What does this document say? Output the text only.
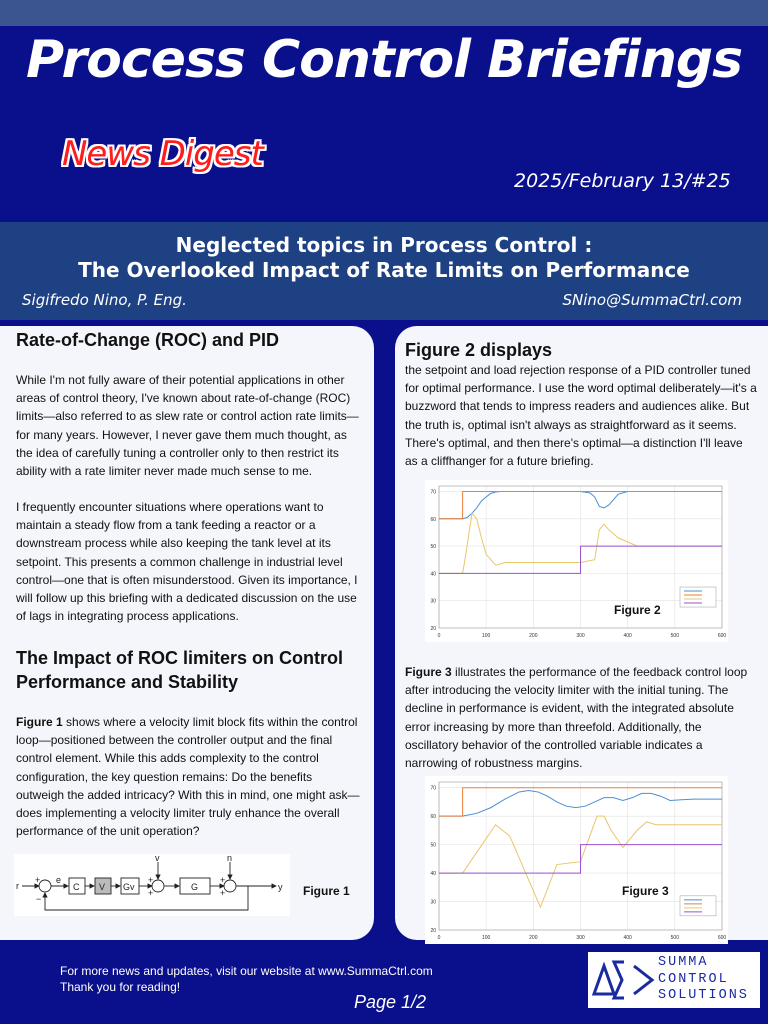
Process Control Briefings
News Digest
2025/February 13/#25
Neglected topics in Process Control :
The Overlooked Impact of Rate Limits on Performance
Sigifredo Nino, P. Eng.	SNino@SummaCtrl.com
Rate-of-Change (ROC) and PID
While I'm not fully aware of their potential applications in other areas of control theory, I've known about rate-of-change (ROC) limits—also referred to as slew rate or control action rate limits—for many years. However, I never gave them much thought, as the idea of carefully tuning a controller only to then restrict its ability with a rate limiter never made much sense to me.
I frequently encounter situations where operations want to maintain a steady flow from a tank feeding a reactor or a downstream process while also keeping the tank level at its setpoint. This presents a common challenge in industrial level control—one that is often misunderstood. Given its importance, I will follow up this briefing with a dedicated discussion on the use of lags in integrating process applications.
The Impact of ROC limiters on Control Performance and Stability
Figure 1 shows where a velocity limit block fits within the control loop—positioned between the controller output and the final control element. While this adds complexity to the control configuration, the key question remains: Do the benefits outweigh the added intricacy? With this in mind, one might ask—does implementing a velocity limiter truly enhance the overall performance of the unit operation?
r
e
C V Gv	G	y
v	n
+
−
+
+
+
+	Figure 1
Figure 2 displays
the setpoint and load rejection response of a PID controller tuned for optimal performance. I use the word optimal deliberately—it's a buzzword that tends to impress readers and audiences alike. But the truth is, optimal isn't always as straightforward as it seems. There's optimal, and then there's optimal—a distinction I'll leave as a cliffhanger for a future briefing.
0	100	200	300	400	500	600
20
30
40
50
60
70
Figure 2
Figure 3 illustrates the performance of the feedback control loop after introducing the velocity limiter with the initial tuning. The decline in performance is evident, with the integrated absolute error increasing by more than threefold. Additionally, the oscillatory behavior of the controlled variable indicates a narrowing of robustness margins.
0	100	200	300	400	500	600
20
30
40
50
60
70
Figure 3
For more news and updates, visit our website at www.SummaCtrl.com
Thank you for reading!
Page 1/2
SUMMA
CONTROL
SOLUTIONS
